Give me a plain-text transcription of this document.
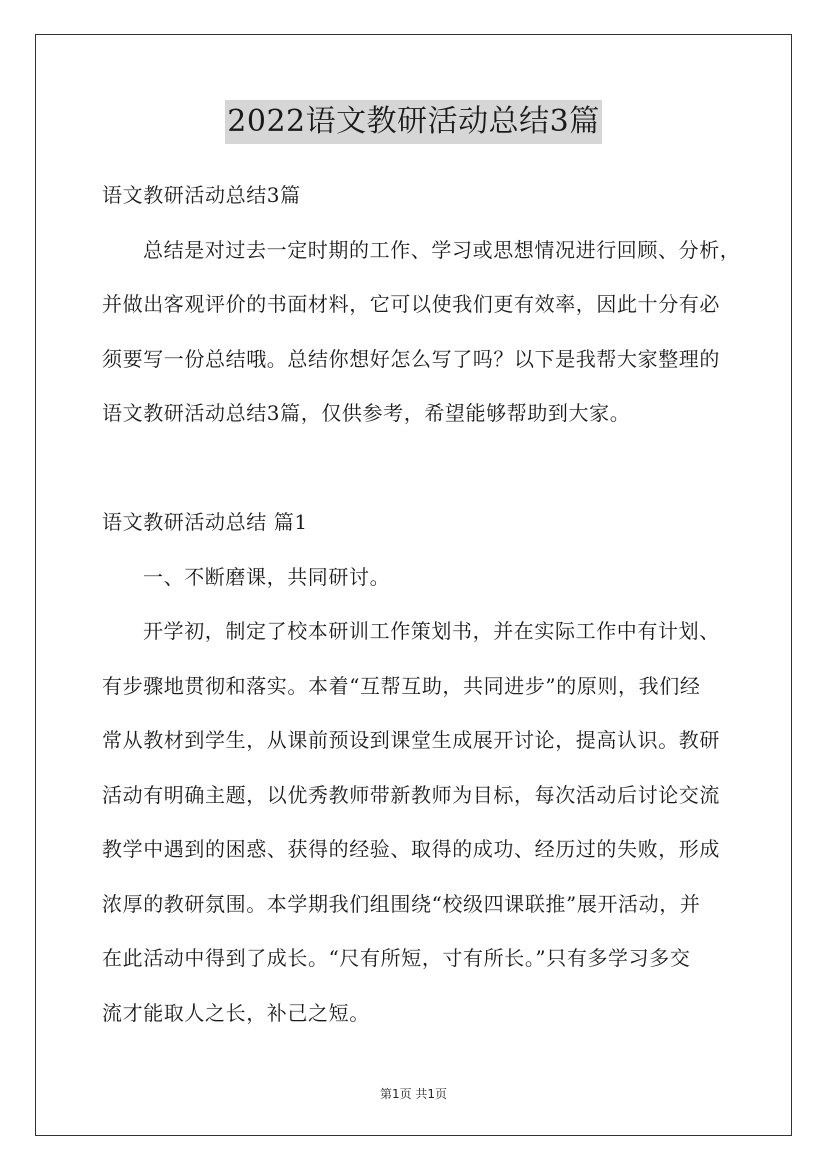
2022语文教研活动总结3篇
语文教研活动总结3篇
总结是对过去一定时期的工作、学习或思想情况进行回顾、分析，
并做出客观评价的书面材料，它可以使我们更有效率，因此十分有必
须要写一份总结哦。总结你想好怎么写了吗？以下是我帮大家整理的
语文教研活动总结3篇，仅供参考，希望能够帮助到大家。
语文教研活动总结 篇1
一、不断磨课，共同研讨。
开学初，制定了校本研训工作策划书，并在实际工作中有计划、
有步骤地贯彻和落实。本着“互帮互助，共同进步”的原则，我们经
常从教材到学生，从课前预设到课堂生成展开讨论，提高认识。教研
活动有明确主题，以优秀教师带新教师为目标，每次活动后讨论交流
教学中遇到的困惑、获得的经验、取得的成功、经历过的失败，形成
浓厚的教研氛围。本学期我们组围绕“校级四课联推”展开活动，并
在此活动中得到了成长。“尺有所短，寸有所长。”只有多学习多交
流才能取人之长，补己之短。
第1页 共1页
